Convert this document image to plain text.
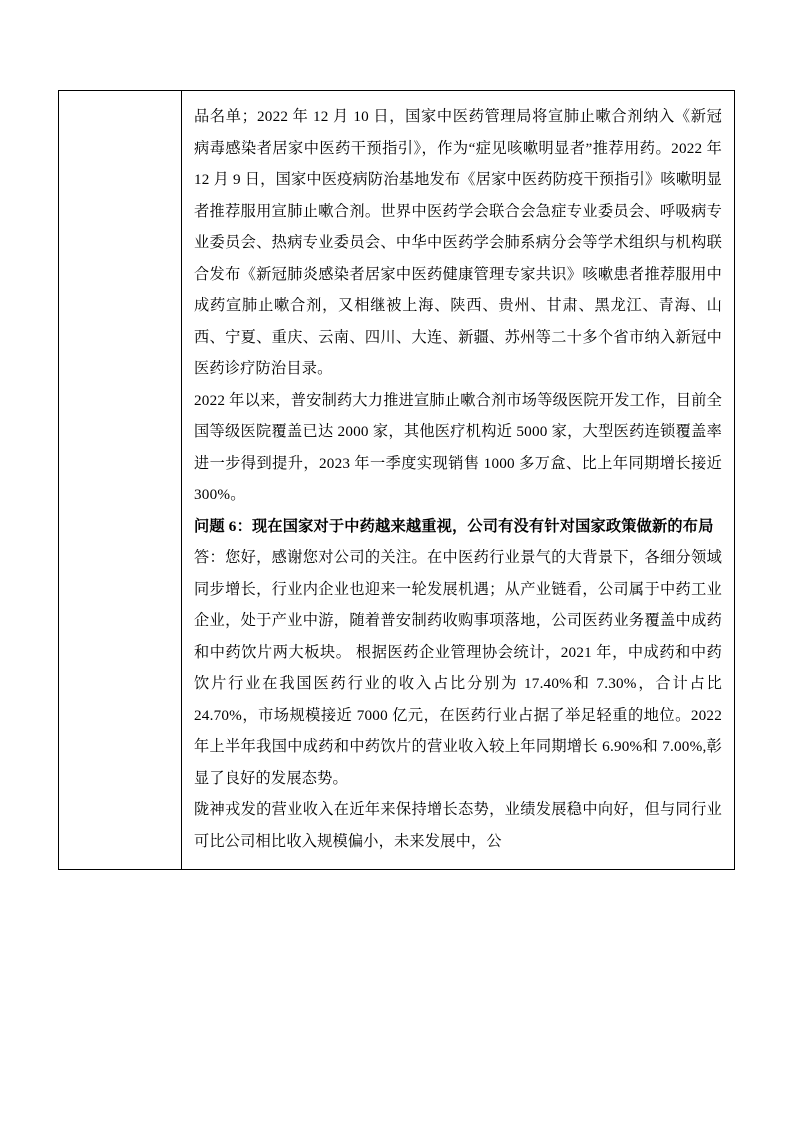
品名单；2022 年 12 月 10 日，国家中医药管理局将宣肺止嗽合剂纳入《新冠病毒感染者居家中医药干预指引》，作为“症见咳嗽明显者”推荐用药。2022 年 12 月 9 日，国家中医疫病防治基地发布《居家中医药防疫干预指引》咳嗽明显者推荐服用宣肺止嗽合剂。世界中医药学会联合会急症专业委员会、呼吸病专业委员会、热病专业委员会、中华中医药学会肺系病分会等学术组织与机构联合发布《新冠肺炎感染者居家中医药健康管理专家共识》咳嗽患者推荐服用中成药宣肺止嗽合剂，又相继被上海、陕西、贵州、甘肃、黑龙江、青海、山西、宁夏、重庆、云南、四川、大连、新疆、苏州等二十多个省市纳入新冠中医药诊疗防治目录。

2022 年以来，普安制药大力推进宣肺止嗽合剂市场等级医院开发工作，目前全国等级医院覆盖已达 2000 家，其他医疗机构近 5000 家，大型医药连锁覆盖率进一步得到提升，2023 年一季度实现销售 1000 多万盒、比上年同期增长接近 300%。

问题 6：现在国家对于中药越来越重视，公司有没有针对国家政策做新的布局

答：您好，感谢您对公司的关注。在中医药行业景气的大背景下，各细分领域同步增长，行业内企业也迎来一轮发展机遇；从产业链看，公司属于中药工业企业，处于产业中游，随着普安制药收购事项落地，公司医药业务覆盖中成药和中药饮片两大板块。 根据医药企业管理协会统计，2021 年，中成药和中药饮片行业在我国医药行业的收入占比分别为 17.40%和 7.30%，合计占比 24.70%，市场规模接近 7000 亿元，在医药行业占据了举足轻重的地位。2022 年上半年我国中成药和中药饮片的营业收入较上年同期增长 6.90%和 7.00%,彰显了良好的发展态势。

陇神戎发的营业收入在近年来保持增长态势，业绩发展稳中向好，但与同行业可比公司相比收入规模偏小，未来发展中，公
